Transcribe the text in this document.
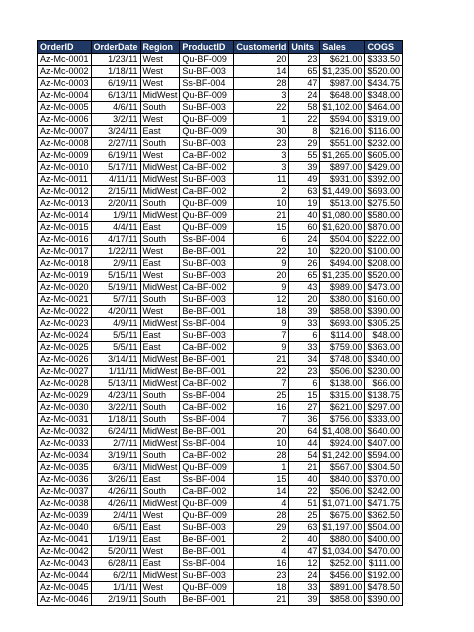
OrderID	OrderDate	Region	ProductID	CustomerId	Units	Sales	COGS
Az-Mc-0001	1/23/11	West	Qu-BF-009	20	23	$621.00	$333.50
Az-Mc-0002	1/18/11	West	Su-BF-003	14	65	$1,235.00	$520.00
Az-Mc-0003	6/19/11	West	Ss-BF-004	28	47	$987.00	$434.75
Az-Mc-0004	6/13/11	MidWest	Qu-BF-009	3	24	$648.00	$348.00
Az-Mc-0005	4/6/11	South	Su-BF-003	22	58	$1,102.00	$464.00
Az-Mc-0006	3/2/11	West	Qu-BF-009	1	22	$594.00	$319.00
Az-Mc-0007	3/24/11	East	Qu-BF-009	30	8	$216.00	$116.00
Az-Mc-0008	2/27/11	South	Su-BF-003	23	29	$551.00	$232.00
Az-Mc-0009	6/19/11	West	Ca-BF-002	3	55	$1,265.00	$605.00
Az-Mc-0010	5/17/11	MidWest	Ca-BF-002	3	39	$897.00	$429.00
Az-Mc-0011	4/11/11	MidWest	Su-BF-003	11	49	$931.00	$392.00
Az-Mc-0012	2/15/11	MidWest	Ca-BF-002	2	63	$1,449.00	$693.00
Az-Mc-0013	2/20/11	South	Qu-BF-009	10	19	$513.00	$275.50
Az-Mc-0014	1/9/11	MidWest	Qu-BF-009	21	40	$1,080.00	$580.00
Az-Mc-0015	4/4/11	East	Qu-BF-009	15	60	$1,620.00	$870.00
Az-Mc-0016	4/17/11	South	Ss-BF-004	6	24	$504.00	$222.00
Az-Mc-0017	1/22/11	West	Be-BF-001	22	10	$220.00	$100.00
Az-Mc-0018	2/9/11	East	Su-BF-003	9	26	$494.00	$208.00
Az-Mc-0019	5/15/11	West	Su-BF-003	20	65	$1,235.00	$520.00
Az-Mc-0020	5/19/11	MidWest	Ca-BF-002	9	43	$989.00	$473.00
Az-Mc-0021	5/7/11	South	Su-BF-003	12	20	$380.00	$160.00
Az-Mc-0022	4/20/11	West	Be-BF-001	18	39	$858.00	$390.00
Az-Mc-0023	4/9/11	MidWest	Ss-BF-004	9	33	$693.00	$305.25
Az-Mc-0024	5/5/11	East	Su-BF-003	7	6	$114.00	$48.00
Az-Mc-0025	5/5/11	East	Ca-BF-002	9	33	$759.00	$363.00
Az-Mc-0026	3/14/11	MidWest	Be-BF-001	21	34	$748.00	$340.00
Az-Mc-0027	1/11/11	MidWest	Be-BF-001	22	23	$506.00	$230.00
Az-Mc-0028	5/13/11	MidWest	Ca-BF-002	7	6	$138.00	$66.00
Az-Mc-0029	4/23/11	South	Ss-BF-004	25	15	$315.00	$138.75
Az-Mc-0030	3/22/11	South	Ca-BF-002	16	27	$621.00	$297.00
Az-Mc-0031	1/18/11	South	Ss-BF-004	7	36	$756.00	$333.00
Az-Mc-0032	6/24/11	MidWest	Be-BF-001	20	64	$1,408.00	$640.00
Az-Mc-0033	2/7/11	MidWest	Ss-BF-004	10	44	$924.00	$407.00
Az-Mc-0034	3/19/11	South	Ca-BF-002	28	54	$1,242.00	$594.00
Az-Mc-0035	6/3/11	MidWest	Qu-BF-009	1	21	$567.00	$304.50
Az-Mc-0036	3/26/11	East	Ss-BF-004	15	40	$840.00	$370.00
Az-Mc-0037	4/26/11	South	Ca-BF-002	14	22	$506.00	$242.00
Az-Mc-0038	4/26/11	MidWest	Qu-BF-009	4	51	$1,071.00	$471.75
Az-Mc-0039	2/4/11	West	Qu-BF-009	28	25	$675.00	$362.50
Az-Mc-0040	6/5/11	East	Su-BF-003	29	63	$1,197.00	$504.00
Az-Mc-0041	1/19/11	East	Be-BF-001	2	40	$880.00	$400.00
Az-Mc-0042	5/20/11	West	Be-BF-001	4	47	$1,034.00	$470.00
Az-Mc-0043	6/28/11	East	Ss-BF-004	16	12	$252.00	$111.00
Az-Mc-0044	6/2/11	MidWest	Su-BF-003	23	24	$456.00	$192.00
Az-Mc-0045	1/1/11	West	Qu-BF-009	18	33	$891.00	$478.50
Az-Mc-0046	2/19/11	South	Be-BF-001	21	39	$858.00	$390.00
